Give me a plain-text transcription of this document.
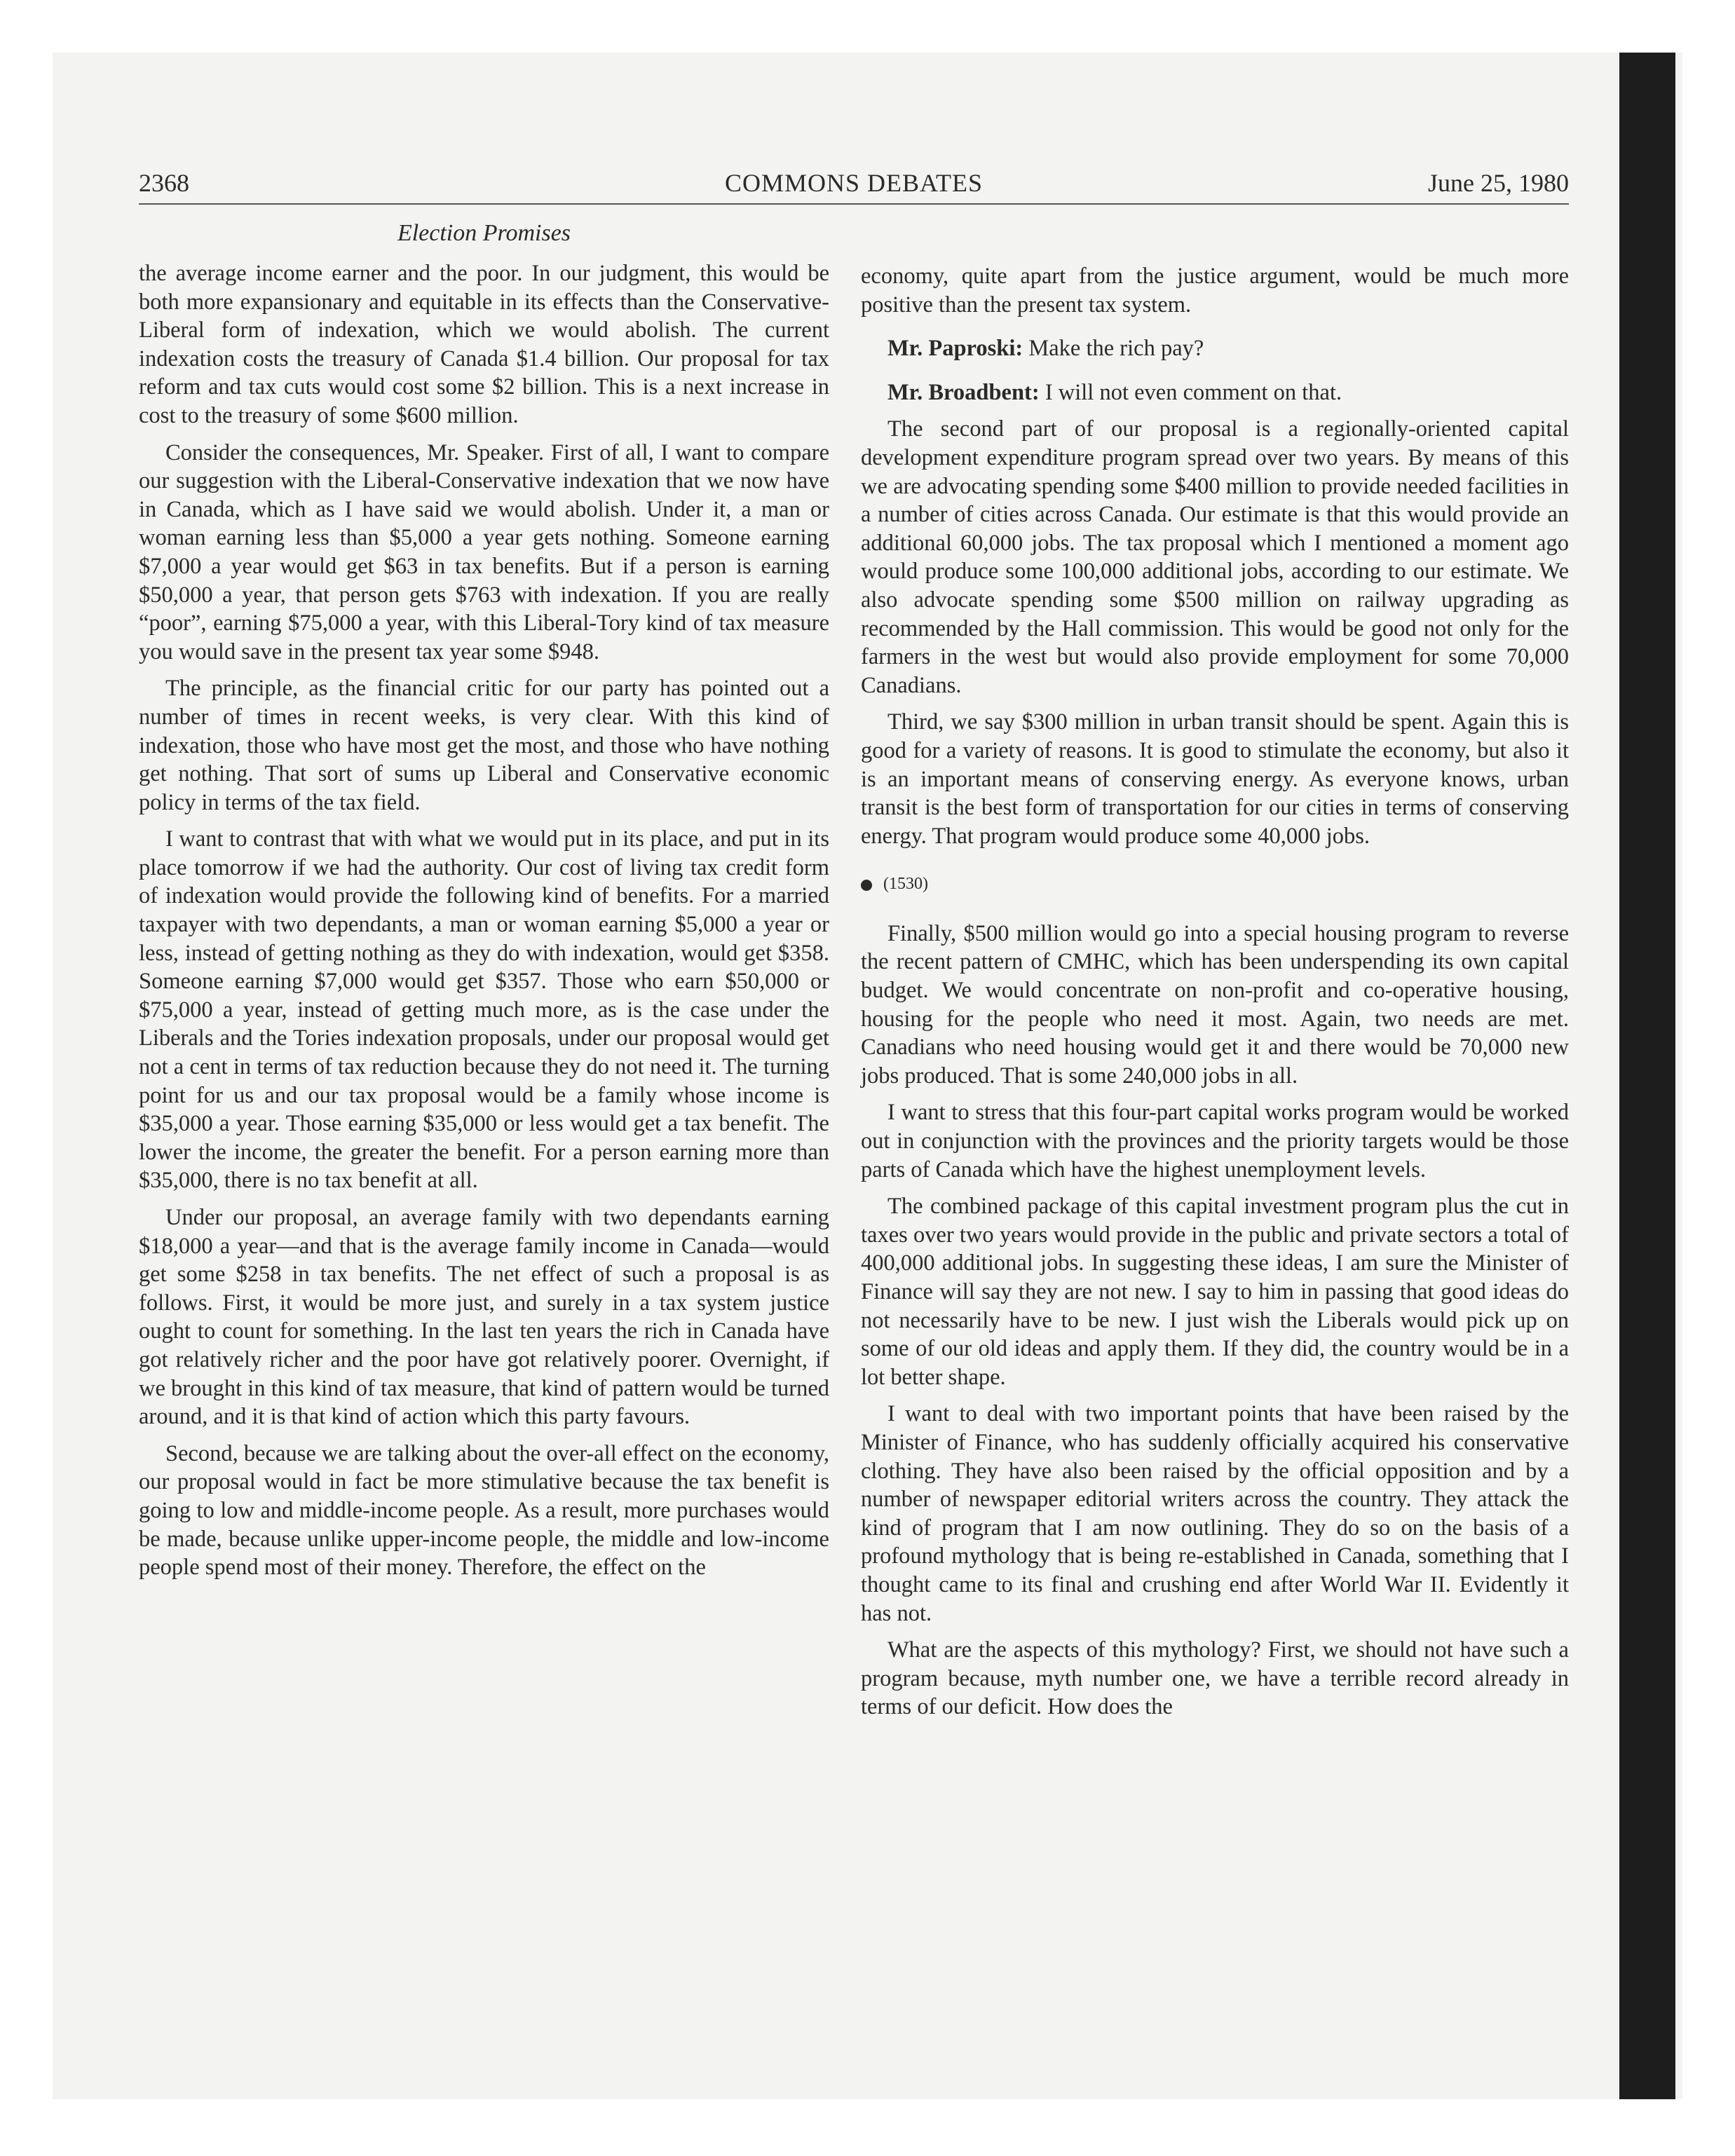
2368	COMMONS DEBATES	June 25, 1980
Election Promises

the average income earner and the poor. In our judgment, this would be both more expansionary and equitable in its effects than the Conservative-Liberal form of indexation, which we would abolish. The current indexation costs the treasury of Canada $1.4 billion. Our proposal for tax reform and tax cuts would cost some $2 billion. This is a next increase in cost to the treasury of some $600 million.

Consider the consequences, Mr. Speaker. First of all, I want to compare our suggestion with the Liberal-Conservative indexation that we now have in Canada, which as I have said we would abolish. Under it, a man or woman earning less than $5,000 a year gets nothing. Someone earning $7,000 a year would get $63 in tax benefits. But if a person is earning $50,000 a year, that person gets $763 with indexation. If you are really “poor”, earning $75,000 a year, with this Liberal-Tory kind of tax measure you would save in the present tax year some $948.

The principle, as the financial critic for our party has pointed out a number of times in recent weeks, is very clear. With this kind of indexation, those who have most get the most, and those who have nothing get nothing. That sort of sums up Liberal and Conservative economic policy in terms of the tax field.

I want to contrast that with what we would put in its place, and put in its place tomorrow if we had the authority. Our cost of living tax credit form of indexation would provide the following kind of benefits. For a married taxpayer with two dependants, a man or woman earning $5,000 a year or less, instead of getting nothing as they do with indexation, would get $358. Someone earning $7,000 would get $357. Those who earn $50,000 or $75,000 a year, instead of getting much more, as is the case under the Liberals and the Tories indexation proposals, under our proposal would get not a cent in terms of tax reduction because they do not need it. The turning point for us and our tax proposal would be a family whose income is $35,000 a year. Those earning $35,000 or less would get a tax benefit. The lower the income, the greater the benefit. For a person earning more than $35,000, there is no tax benefit at all.

Under our proposal, an average family with two dependants earning $18,000 a year—and that is the average family income in Canada—would get some $258 in tax benefits. The net effect of such a proposal is as follows. First, it would be more just, and surely in a tax system justice ought to count for something. In the last ten years the rich in Canada have got relatively richer and the poor have got relatively poorer. Overnight, if we brought in this kind of tax measure, that kind of pattern would be turned around, and it is that kind of action which this party favours.

Second, because we are talking about the over-all effect on the economy, our proposal would in fact be more stimulative because the tax benefit is going to low and middle-income people. As a result, more purchases would be made, because unlike upper-income people, the middle and low-income people spend most of their money. Therefore, the effect on the

economy, quite apart from the justice argument, would be much more positive than the present tax system.

Mr. Paproski: Make the rich pay?

Mr. Broadbent: I will not even comment on that.

The second part of our proposal is a regionally-oriented capital development expenditure program spread over two years. By means of this we are advocating spending some $400 million to provide needed facilities in a number of cities across Canada. Our estimate is that this would provide an additional 60,000 jobs. The tax proposal which I mentioned a moment ago would produce some 100,000 additional jobs, according to our estimate. We also advocate spending some $500 million on railway upgrading as recommended by the Hall commission. This would be good not only for the farmers in the west but would also provide employment for some 70,000 Canadians.

Third, we say $300 million in urban transit should be spent. Again this is good for a variety of reasons. It is good to stimulate the economy, but also it is an important means of conserving energy. As everyone knows, urban transit is the best form of transportation for our cities in terms of conserving energy. That program would produce some 40,000 jobs.

(1530)

Finally, $500 million would go into a special housing program to reverse the recent pattern of CMHC, which has been underspending its own capital budget. We would concentrate on non-profit and co-operative housing, housing for the people who need it most. Again, two needs are met. Canadians who need housing would get it and there would be 70,000 new jobs produced. That is some 240,000 jobs in all.

I want to stress that this four-part capital works program would be worked out in conjunction with the provinces and the priority targets would be those parts of Canada which have the highest unemployment levels.

The combined package of this capital investment program plus the cut in taxes over two years would provide in the public and private sectors a total of 400,000 additional jobs. In suggesting these ideas, I am sure the Minister of Finance will say they are not new. I say to him in passing that good ideas do not necessarily have to be new. I just wish the Liberals would pick up on some of our old ideas and apply them. If they did, the country would be in a lot better shape.

I want to deal with two important points that have been raised by the Minister of Finance, who has suddenly officially acquired his conservative clothing. They have also been raised by the official opposition and by a number of newspaper editorial writers across the country. They attack the kind of program that I am now outlining. They do so on the basis of a profound mythology that is being re-established in Canada, something that I thought came to its final and crushing end after World War II. Evidently it has not.

What are the aspects of this mythology? First, we should not have such a program because, myth number one, we have a terrible record already in terms of our deficit. How does the
